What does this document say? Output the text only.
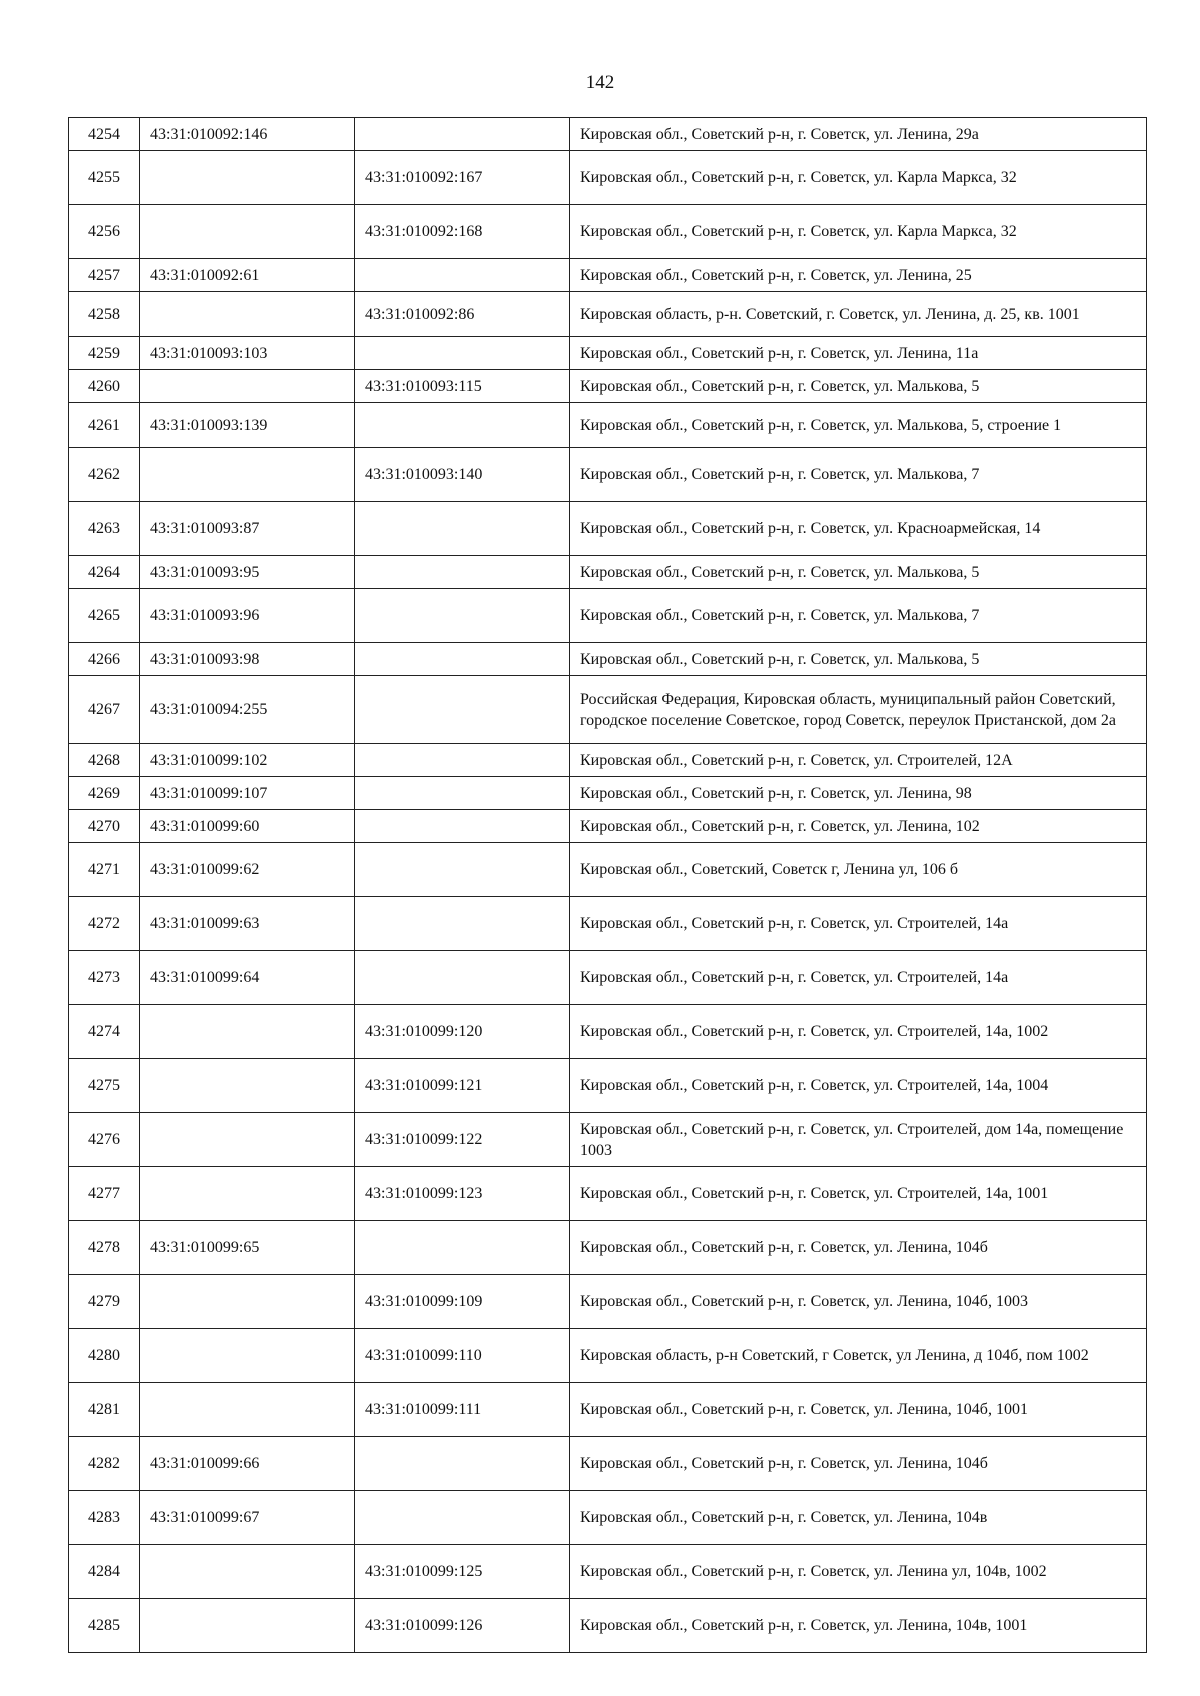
142
4254	43:31:010092:146		Кировская обл., Советский р-н, г. Советск, ул. Ленина, 29а
4255		43:31:010092:167	Кировская обл., Советский р-н, г. Советск, ул. Карла Маркса, 32
4256		43:31:010092:168	Кировская обл., Советский р-н, г. Советск, ул. Карла Маркса, 32
4257	43:31:010092:61		Кировская обл., Советский р-н, г. Советск, ул. Ленина, 25
4258		43:31:010092:86	Кировская область, р-н. Советский, г. Советск, ул. Ленина, д. 25, кв. 1001
4259	43:31:010093:103		Кировская обл., Советский р-н, г. Советск, ул. Ленина, 11а
4260		43:31:010093:115	Кировская обл., Советский р-н, г. Советск, ул. Малькова, 5
4261	43:31:010093:139		Кировская обл., Советский р-н, г. Советск, ул. Малькова, 5, строение 1
4262		43:31:010093:140	Кировская обл., Советский р-н, г. Советск, ул. Малькова, 7
4263	43:31:010093:87		Кировская обл., Советский р-н, г. Советск, ул. Красноармейская, 14
4264	43:31:010093:95		Кировская обл., Советский р-н, г. Советск, ул. Малькова, 5
4265	43:31:010093:96		Кировская обл., Советский р-н, г. Советск, ул. Малькова, 7
4266	43:31:010093:98		Кировская обл., Советский р-н, г. Советск, ул. Малькова, 5
4267	43:31:010094:255		Российская Федерация, Кировская область, муниципальный район Советский, городское поселение Советское, город Советск, переулок Пристанской, дом 2а
4268	43:31:010099:102		Кировская обл., Советский р-н, г. Советск, ул. Строителей, 12А
4269	43:31:010099:107		Кировская обл., Советский р-н, г. Советск, ул. Ленина, 98
4270	43:31:010099:60		Кировская обл., Советский р-н, г. Советск, ул. Ленина, 102
4271	43:31:010099:62		Кировская обл., Советский, Советск г, Ленина ул, 106 б
4272	43:31:010099:63		Кировская обл., Советский р-н, г. Советск, ул. Строителей, 14а
4273	43:31:010099:64		Кировская обл., Советский р-н, г. Советск, ул. Строителей, 14а
4274		43:31:010099:120	Кировская обл., Советский р-н, г. Советск, ул. Строителей, 14а, 1002
4275		43:31:010099:121	Кировская обл., Советский р-н, г. Советск, ул. Строителей, 14а, 1004
4276		43:31:010099:122	Кировская обл., Советский р-н, г. Советск, ул. Строителей, дом 14а, помещение 1003
4277		43:31:010099:123	Кировская обл., Советский р-н, г. Советск, ул. Строителей, 14а, 1001
4278	43:31:010099:65		Кировская обл., Советский р-н, г. Советск, ул. Ленина, 104б
4279		43:31:010099:109	Кировская обл., Советский р-н, г. Советск, ул. Ленина, 104б, 1003
4280		43:31:010099:110	Кировская область, р-н Советский, г Советск, ул Ленина, д 104б, пом 1002
4281		43:31:010099:111	Кировская обл., Советский р-н, г. Советск, ул. Ленина, 104б, 1001
4282	43:31:010099:66		Кировская обл., Советский р-н, г. Советск, ул. Ленина, 104б
4283	43:31:010099:67		Кировская обл., Советский р-н, г. Советск, ул. Ленина, 104в
4284		43:31:010099:125	Кировская обл., Советский р-н, г. Советск, ул. Ленина ул, 104в, 1002
4285		43:31:010099:126	Кировская обл., Советский р-н, г. Советск, ул. Ленина, 104в, 1001
